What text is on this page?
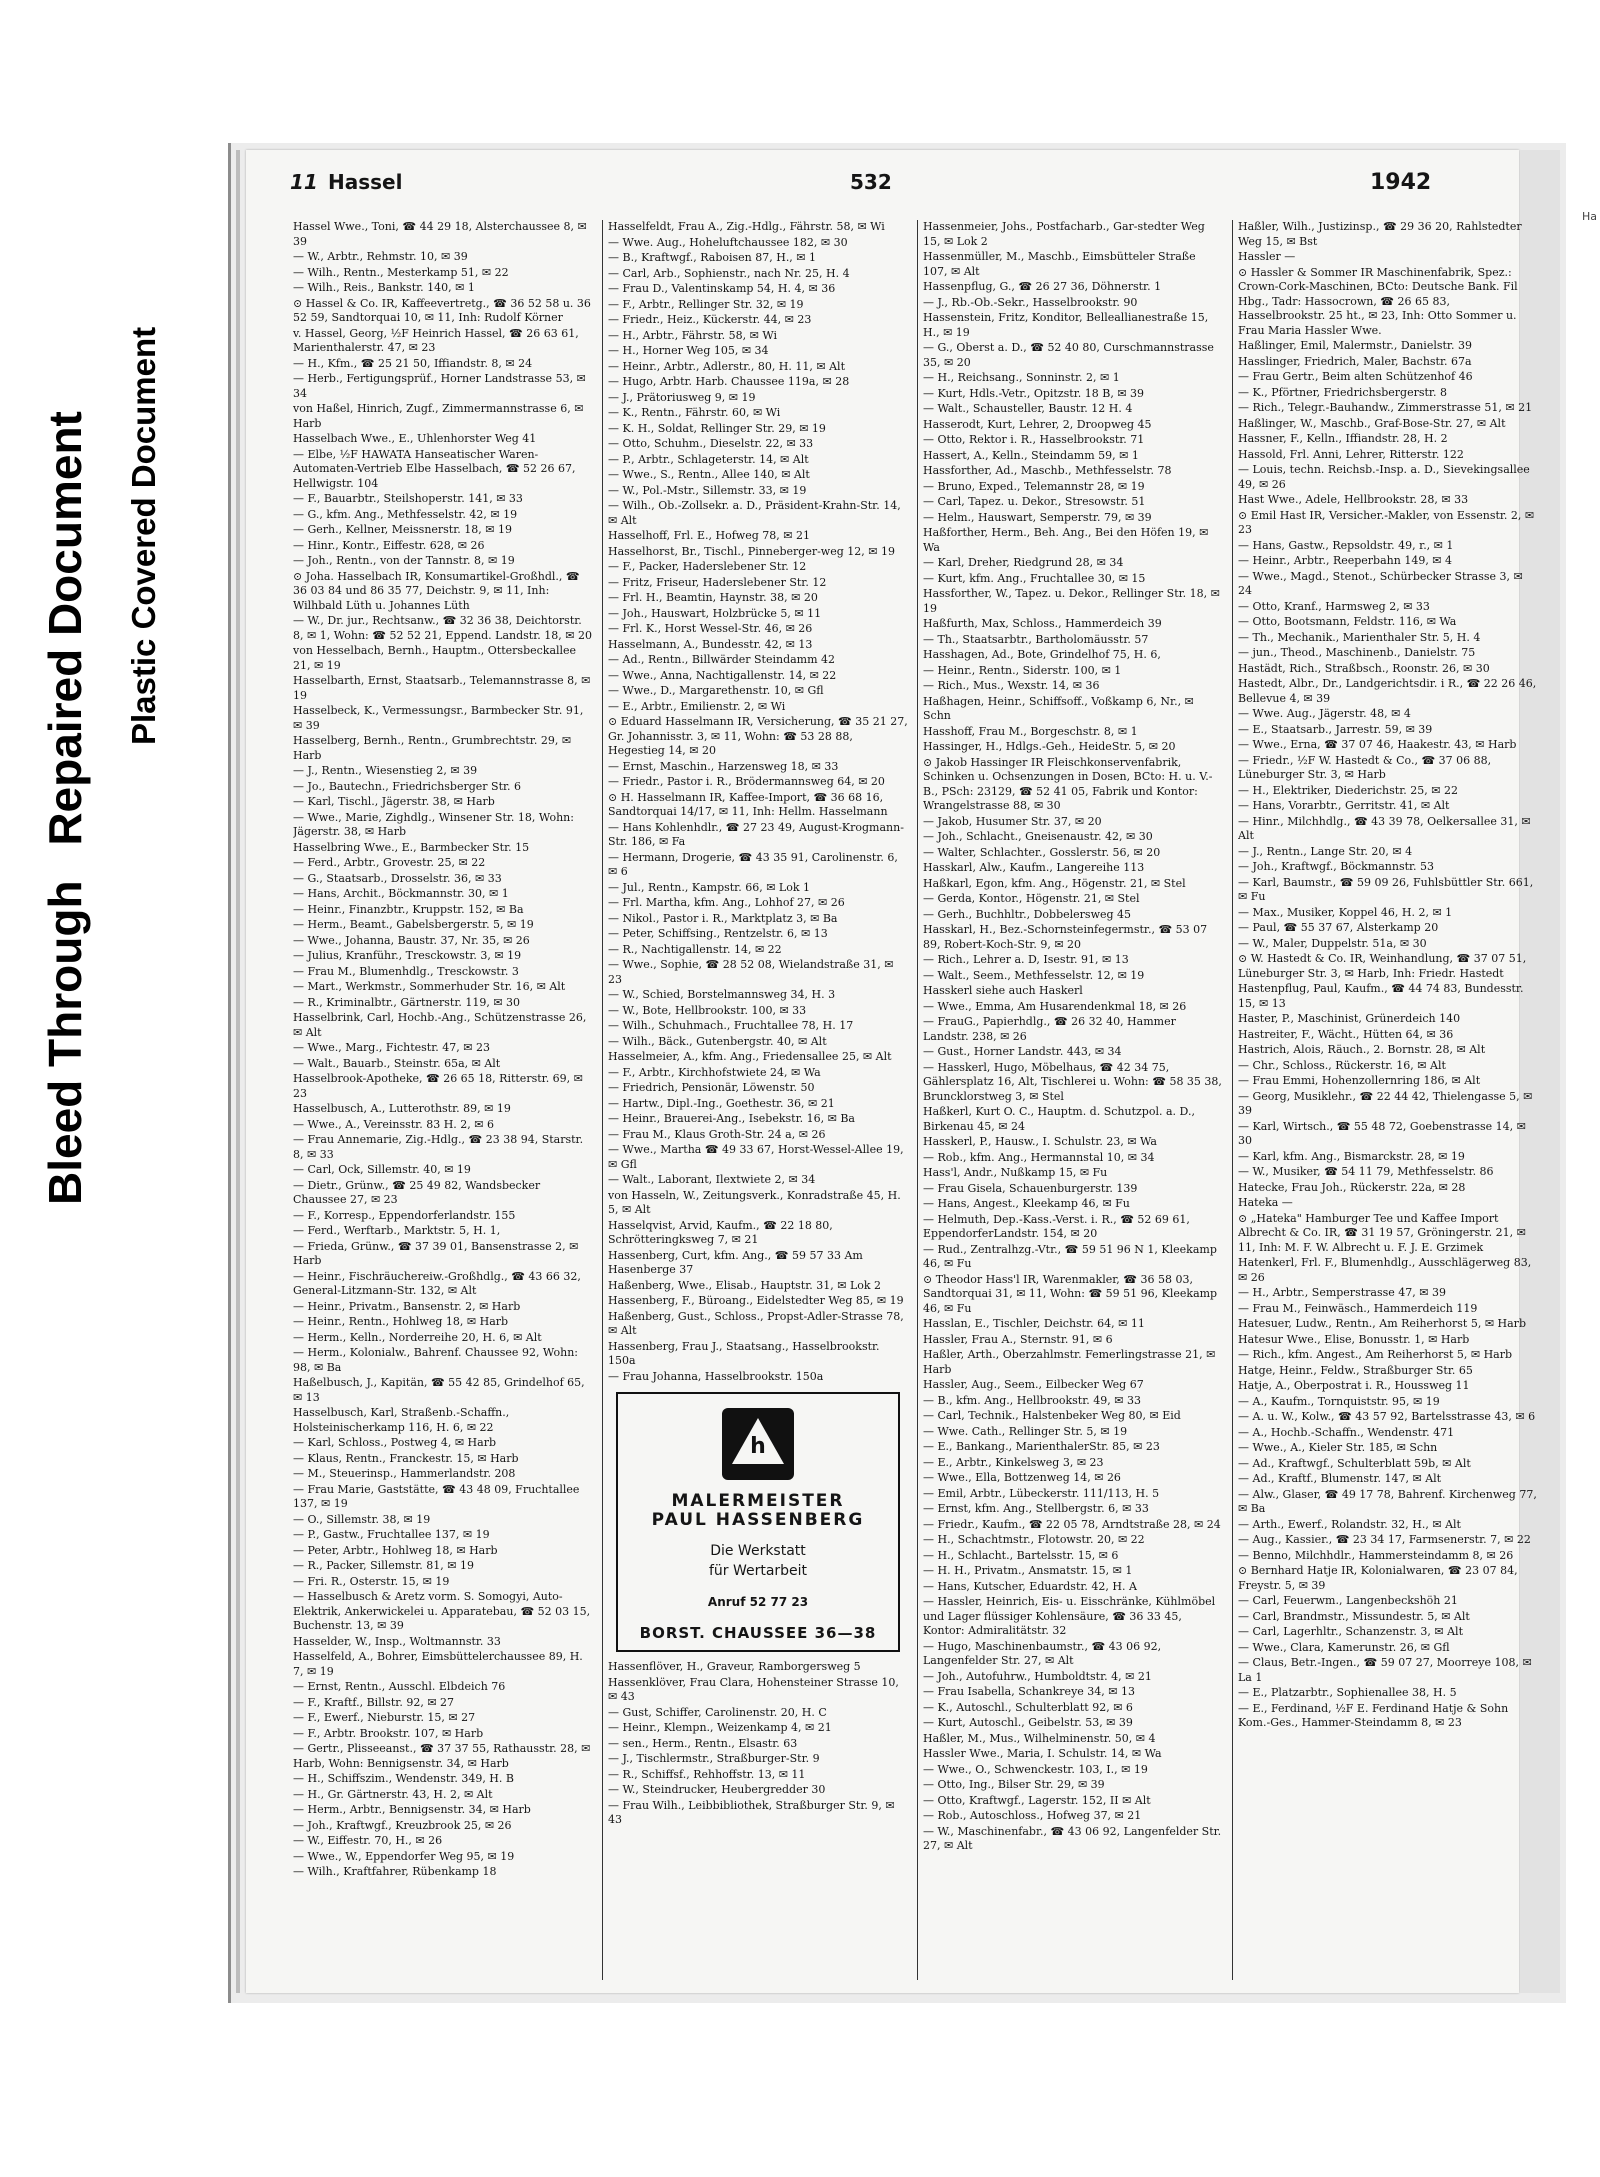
Bleed Through Repaired Document Plastic Covered Document
Ha
11 Hassel	532	1942
Hassel Wwe., Toni, ☎ 44 29 18, Alsterchaussee 8, ✉ 39
— W., Arbtr., Rehmstr. 10, ✉ 39
— Wilh., Rentn., Mesterkamp 51, ✉ 22
— Wilh., Reis., Bankstr. 140, ✉ 1
⊙ Hassel & Co. IR, Kaffeevertretg., ☎ 36 52 58 u. 36 52 59, Sandtorquai 10, ✉ 11, Inh: Rudolf Körner
v. Hassel, Georg, ½F Heinrich Hassel, ☎ 26 63 61, Marienthalerstr. 47, ✉ 23
— H., Kfm., ☎ 25 21 50, Iffiandstr. 8, ✉ 24
— Herb., Fertigungsprüf., Horner Landstrasse 53, ✉ 34
von Haßel, Hinrich, Zugf., Zimmermannstrasse 6, ✉ Harb
Hasselbach Wwe., E., Uhlenhorster Weg 41
— Elbe, ½F HAWATA Hanseatischer Waren-Automaten-Vertrieb Elbe Hasselbach, ☎ 52 26 67, Hellwigstr. 104
— F., Bauarbtr., Steilshoperstr. 141, ✉ 33
— G., kfm. Ang., Methfesselstr. 42, ✉ 19
— Gerh., Kellner, Meissnerstr. 18, ✉ 19
— Hinr., Kontr., Eiffestr. 628, ✉ 26
— Joh., Rentn., von der Tannstr. 8, ✉ 19
⊙ Joha. Hasselbach IR, Konsumartikel-Großhdl., ☎ 36 03 84 und 86 35 77, Deichstr. 9, ✉ 11, Inh: Wilhbald Lüth u. Johannes Lüth
— W., Dr. jur., Rechtsanw., ☎ 32 36 38, Deichtorstr. 8, ✉ 1, Wohn: ☎ 52 52 21, Eppend. Landstr. 18, ✉ 20
von Hesselbach, Bernh., Hauptm., Ottersbeckallee 21, ✉ 19
Hasselbarth, Ernst, Staatsarb., Telemannstrasse 8, ✉ 19
Hasselbeck, K., Vermessungsr., Barmbecker Str. 91, ✉ 39
Hasselberg, Bernh., Rentn., Grumbrechtstr. 29, ✉ Harb
— J., Rentn., Wiesenstieg 2, ✉ 39
— Jo., Bautechn., Friedrichsberger Str. 6
— Karl, Tischl., Jägerstr. 38, ✉ Harb
— Wwe., Marie, Zighdlg., Winsener Str. 18, Wohn: Jägerstr. 38, ✉ Harb
Hasselbring Wwe., E., Barmbecker Str. 15
— Ferd., Arbtr., Grovestr. 25, ✉ 22
— G., Staatsarb., Drosselstr. 36, ✉ 33
— Hans, Archit., Böckmannstr. 30, ✉ 1
— Heinr., Finanzbtr., Kruppstr. 152, ✉ Ba
— Herm., Beamt., Gabelsbergerstr. 5, ✉ 19
— Wwe., Johanna, Baustr. 37, Nr. 35, ✉ 26
— Julius, Kranführ., Tresckowstr. 3, ✉ 19
— Frau M., Blumenhdlg., Tresckowstr. 3
— Mart., Werkmstr., Sommerhuder Str. 16, ✉ Alt
— R., Kriminalbtr., Gärtnerstr. 119, ✉ 30
Hasselbrink, Carl, Hochb.-Ang., Schützenstrasse 26, ✉ Alt
— Wwe., Marg., Fichtestr. 47, ✉ 23
— Walt., Bauarb., Steinstr. 65a, ✉ Alt
Hasselbrook-Apotheke, ☎ 26 65 18, Ritterstr. 69, ✉ 23
Hasselbusch, A., Lutterothstr. 89, ✉ 19
— Wwe., A., Vereinsstr. 83 H. 2, ✉ 6
— Frau Annemarie, Zig.-Hdlg., ☎ 23 38 94, Starstr. 8, ✉ 33
— Carl, Ock, Sillemstr. 40, ✉ 19
— Dietr., Grünw., ☎ 25 49 82, Wandsbecker Chaussee 27, ✉ 23
— F., Korresp., Eppendorferlandstr. 155
— Ferd., Werftarb., Marktstr. 5, H. 1,
— Frieda, Grünw., ☎ 37 39 01, Bansenstrasse 2, ✉ Harb
— Heinr., Fischräuchereiw.-Großhdlg., ☎ 43 66 32, General-Litzmann-Str. 132, ✉ Alt
— Heinr., Privatm., Bansenstr. 2, ✉ Harb
— Heinr., Rentn., Hohlweg 18, ✉ Harb
— Herm., Kelln., Norderreihe 20, H. 6, ✉ Alt
— Herm., Kolonialw., Bahrenf. Chaussee 92, Wohn: 98, ✉ Ba
Haßelbusch, J., Kapitän, ☎ 55 42 85, Grindelhof 65, ✉ 13
Hasselbusch, Karl, Straßenb.-Schaffn., Holsteinischerkamp 116, H. 6, ✉ 22
— Karl, Schloss., Postweg 4, ✉ Harb
— Klaus, Rentn., Franckestr. 15, ✉ Harb
— M., Steuerinsp., Hammerlandstr. 208
— Frau Marie, Gaststätte, ☎ 43 48 09, Fruchtallee 137, ✉ 19
— O., Sillemstr. 38, ✉ 19
— P., Gastw., Fruchtallee 137, ✉ 19
— Peter, Arbtr., Hohlweg 18, ✉ Harb
— R., Packer, Sillemstr. 81, ✉ 19
— Fri. R., Osterstr. 15, ✉ 19
— Hasselbusch & Aretz vorm. S. Somogyi, Auto-Elektrik, Ankerwickelei u. Apparatebau, ☎ 52 03 15, Buchenstr. 13, ✉ 39
Hasselder, W., Insp., Woltmannstr. 33
Hasselfeld, A., Bohrer, Eimsbüttelerchaussee 89, H. 7, ✉ 19
— Ernst, Rentn., Ausschl. Elbdeich 76
— F., Kraftf., Billstr. 92, ✉ 27
— F., Ewerf., Nieburstr. 15, ✉ 27
— F., Arbtr. Brookstr. 107, ✉ Harb
— Gertr., Plisseeanst., ☎ 37 37 55, Rathausstr. 28, ✉ Harb, Wohn: Bennigsenstr. 34, ✉ Harb
— H., Schiffszim., Wendenstr. 349, H. B
— H., Gr. Gärtnerstr. 43, H. 2, ✉ Alt
— Herm., Arbtr., Bennigsenstr. 34, ✉ Harb
— Joh., Kraftwgf., Kreuzbrook 25, ✉ 26
— W., Eiffestr. 70, H., ✉ 26
— Wwe., W., Eppendorfer Weg 95, ✉ 19
— Wilh., Kraftfahrer, Rübenkamp 18
Hasselfeldt, Frau A., Zig.-Hdlg., Fährstr. 58, ✉ Wi
— Wwe. Aug., Hoheluftchaussee 182, ✉ 30
— B., Kraftwgf., Raboisen 87, H., ✉ 1
— Carl, Arb., Sophienstr., nach Nr. 25, H. 4
— Frau D., Valentinskamp 54, H. 4, ✉ 36
— F., Arbtr., Rellinger Str. 32, ✉ 19
— Friedr., Heiz., Kückerstr. 44, ✉ 23
— H., Arbtr., Fährstr. 58, ✉ Wi
— H., Horner Weg 105, ✉ 34
— Heinr., Arbtr., Adlerstr., 80, H. 11, ✉ Alt
— Hugo, Arbtr. Harb. Chaussee 119a, ✉ 28
— J., Prätoriusweg 9, ✉ 19
— K., Rentn., Fährstr. 60, ✉ Wi
— K. H., Soldat, Rellinger Str. 29, ✉ 19
— Otto, Schuhm., Dieselstr. 22, ✉ 33
— P., Arbtr., Schlageterstr. 14, ✉ Alt
— Wwe., S., Rentn., Allee 140, ✉ Alt
— W., Pol.-Mstr., Sillemstr. 33, ✉ 19
— Wilh., Ob.-Zollsekr. a. D., Präsident-Krahn-Str. 14, ✉ Alt
Hasselhoff, Frl. E., Hofweg 78, ✉ 21
Hasselhorst, Br., Tischl., Pinneberger-weg 12, ✉ 19
— F., Packer, Haderslebener Str. 12
— Fritz, Friseur, Haderslebener Str. 12
— Frl. H., Beamtin, Haynstr. 38, ✉ 20
— Joh., Hauswart, Holzbrücke 5, ✉ 11
— Frl. K., Horst Wessel-Str. 46, ✉ 26
Hasselmann, A., Bundesstr. 42, ✉ 13
— Ad., Rentn., Billwärder Steindamm 42
— Wwe., Anna, Nachtigallenstr. 14, ✉ 22
— Wwe., D., Margarethenstr. 10, ✉ Gfl
— E., Arbtr., Emilienstr. 2, ✉ Wi
⊙ Eduard Hasselmann IR, Versicherung, ☎ 35 21 27, Gr. Johannisstr. 3, ✉ 11, Wohn: ☎ 53 28 88, Hegestieg 14, ✉ 20
— Ernst, Maschin., Harzensweg 18, ✉ 33
— Friedr., Pastor i. R., Brödermannsweg 64, ✉ 20
⊙ H. Hasselmann IR, Kaffee-Import, ☎ 36 68 16, Sandtorquai 14/17, ✉ 11, Inh: Hellm. Hasselmann
— Hans Kohlenhdlr., ☎ 27 23 49, August-Krogmann-Str. 186, ✉ Fa
— Hermann, Drogerie, ☎ 43 35 91, Carolinenstr. 6, ✉ 6
— Jul., Rentn., Kampstr. 66, ✉ Lok 1
— Frl. Martha, kfm. Ang., Lohhof 27, ✉ 26
— Nikol., Pastor i. R., Marktplatz 3, ✉ Ba
— Peter, Schiffsing., Rentzelstr. 6, ✉ 13
— R., Nachtigallenstr. 14, ✉ 22
— Wwe., Sophie, ☎ 28 52 08, Wielandstraße 31, ✉ 23
— W., Schied, Borstelmannsweg 34, H. 3
— W., Bote, Hellbrookstr. 100, ✉ 33
— Wilh., Schuhmach., Fruchtallee 78, H. 17
— Wilh., Bäck., Gutenbergstr. 40, ✉ Alt
Hasselmeier, A., kfm. Ang., Friedensallee 25, ✉ Alt
— F., Arbtr., Kirchhofstwiete 24, ✉ Wa
— Friedrich, Pensionär, Löwenstr. 50
— Hartw., Dipl.-Ing., Goethestr. 36, ✉ 21
— Heinr., Brauerei-Ang., Isebekstr. 16, ✉ Ba
— Frau M., Klaus Groth-Str. 24 a, ✉ 26
— Wwe., Martha ☎ 49 33 67, Horst-Wessel-Allee 19, ✉ Gfl
— Walt., Laborant, Ilextwiete 2, ✉ 34
von Hasseln, W., Zeitungsverk., Konradstraße 45, H. 5, ✉ Alt
Hasselqvist, Arvid, Kaufm., ☎ 22 18 80, Schrötteringksweg 7, ✉ 21
Hassenberg, Curt, kfm. Ang., ☎ 59 57 33 Am Hasenberge 37
Haßenberg, Wwe., Elisab., Hauptstr. 31, ✉ Lok 2
Hassenberg, F., Büroang., Eidelstedter Weg 85, ✉ 19
Haßenberg, Gust., Schloss., Propst-Adler-Strasse 78, ✉ Alt
Hassenberg, Frau J., Staatsang., Hasselbrookstr. 150a
— Frau Johanna, Hasselbrookstr. 150a
h
MALERMEISTER
PAUL HASSENBERG
Die Werkstatt
für Wertarbeit
Anruf 52 77 23
BORST. CHAUSSEE 36—38
Hassenflöver, H., Graveur, Ramborgersweg 5
Hassenklöver, Frau Clara, Hohensteiner Strasse 10, ✉ 43
— Gust, Schiffer, Carolinenstr. 20, H. C
— Heinr., Klempn., Weizenkamp 4, ✉ 21
— sen., Herm., Rentn., Elsastr. 63
— J., Tischlermstr., Straßburger-Str. 9
— R., Schiffsf., Rehhoffstr. 13, ✉ 11
— W., Steindrucker, Heubergredder 30
— Frau Wilh., Leibbibliothek, Straßburger Str. 9, ✉ 43
Hassenmeier, Johs., Postfacharb., Gar-stedter Weg 15, ✉ Lok 2
Hassenmüller, M., Maschb., Eimsbütteler Straße 107, ✉ Alt
Hassenpflug, G., ☎ 26 27 36, Döhnerstr. 1
— J., Rb.-Ob.-Sekr., Hasselbrookstr. 90
Hassenstein, Fritz, Konditor, Belleallianestraße 15, H., ✉ 19
— G., Oberst a. D., ☎ 52 40 80, Curschmannstrasse 35, ✉ 20
— H., Reichsang., Sonninstr. 2, ✉ 1
— Kurt, Hdls.-Vetr., Opitzstr. 18 B, ✉ 39
— Walt., Schausteller, Baustr. 12 H. 4
Hasserodt, Kurt, Lehrer, 2, Droopweg 45
— Otto, Rektor i. R., Hasselbrookstr. 71
Hassert, A., Kelln., Steindamm 59, ✉ 1
Hassforther, Ad., Maschb., Methfesselstr. 78
— Bruno, Exped., Telemannstr 28, ✉ 19
— Carl, Tapez. u. Dekor., Stresowstr. 51
— Helm., Hauswart, Semperstr. 79, ✉ 39
Haßforther, Herm., Beh. Ang., Bei den Höfen 19, ✉ Wa
— Karl, Dreher, Riedgrund 28, ✉ 34
— Kurt, kfm. Ang., Fruchtallee 30, ✉ 15
Hassforther, W., Tapez. u. Dekor., Rellinger Str. 18, ✉ 19
Haßfurth, Max, Schloss., Hammerdeich 39
— Th., Staatsarbtr., Bartholomäusstr. 57
Hasshagen, Ad., Bote, Grindelhof 75, H. 6,
— Heinr., Rentn., Siderstr. 100, ✉ 1
— Rich., Mus., Wexstr. 14, ✉ 36
Haßhagen, Heinr., Schiffsoff., Voßkamp 6, Nr., ✉ Schn
Hasshoff, Frau M., Borgeschstr. 8, ✉ 1
Hassinger, H., Hdlgs.-Geh., HeideStr. 5, ✉ 20
⊙ Jakob Hassinger IR Fleischkonservenfabrik, Schinken u. Ochsenzungen in Dosen, BCto: H. u. V.-B., PSch: 23129, ☎ 52 41 05, Fabrik und Kontor: Wrangelstrasse 88, ✉ 30
— Jakob, Husumer Str. 37, ✉ 20
— Joh., Schlacht., Gneisenaustr. 42, ✉ 30
— Walter, Schlachter., Gosslerstr. 56, ✉ 20
Hasskarl, Alw., Kaufm., Langereihe 113
Haßkarl, Egon, kfm. Ang., Högenstr. 21, ✉ Stel
— Gerda, Kontor., Högenstr. 21, ✉ Stel
— Gerh., Buchhltr., Dobbelersweg 45
Hasskarl, H., Bez.-Schornsteinfegermstr., ☎ 53 07 89, Robert-Koch-Str. 9, ✉ 20
— Rich., Lehrer a. D, Isestr. 91, ✉ 13
— Walt., Seem., Methfesselstr. 12, ✉ 19
Hasskerl siehe auch Haskerl
— Wwe., Emma, Am Husarendenkmal 18, ✉ 26
— FrauG., Papierhdlg., ☎ 26 32 40, Hammer Landstr. 238, ✉ 26
— Gust., Horner Landstr. 443, ✉ 34
— Hasskerl, Hugo, Möbelhaus, ☎ 42 34 75, Gählersplatz 16, Alt, Tischlerei u. Wohn: ☎ 58 35 38, Bruncklorstweg 3, ✉ Stel
Haßkerl, Kurt O. C., Hauptm. d. Schutzpol. a. D., Birkenau 45, ✉ 24
Hasskerl, P., Hausw., I. Schulstr. 23, ✉ Wa
— Rob., kfm. Ang., Hermannstal 10, ✉ 34
Hass'l, Andr., Nußkamp 15, ✉ Fu
— Frau Gisela, Schauenburgerstr. 139
— Hans, Angest., Kleekamp 46, ✉ Fu
— Helmuth, Dep.-Kass.-Verst. i. R., ☎ 52 69 61, EppendorferLandstr. 154, ✉ 20
— Rud., Zentralhzg.-Vtr., ☎ 59 51 96 N 1, Kleekamp 46, ✉ Fu
⊙ Theodor Hass'l IR, Warenmakler, ☎ 36 58 03, Sandtorquai 31, ✉ 11, Wohn: ☎ 59 51 96, Kleekamp 46, ✉ Fu
Hasslan, E., Tischler, Deichstr. 64, ✉ 11
Hassler, Frau A., Sternstr. 91, ✉ 6
Haßler, Arth., Oberzahlmstr. Femerlingstrasse 21, ✉ Harb
Hassler, Aug., Seem., Eilbecker Weg 67
— B., kfm. Ang., Hellbrookstr. 49, ✉ 33
— Carl, Technik., Halstenbeker Weg 80, ✉ Eid
— Wwe. Cath., Rellinger Str. 5, ✉ 19
— E., Bankang., MarienthalerStr. 85, ✉ 23
— E., Arbtr., Kinkelsweg 3, ✉ 23
— Wwe., Ella, Bottzenweg 14, ✉ 26
— Emil, Arbtr., Lübeckerstr. 111/113, H. 5
— Ernst, kfm. Ang., Stellbergstr. 6, ✉ 33
— Friedr., Kaufm., ☎ 22 05 78, Arndtstraße 28, ✉ 24
— H., Schachtmstr., Flotowstr. 20, ✉ 22
— H., Schlacht., Bartelsstr. 15, ✉ 6
— H. H., Privatm., Ansmatstr. 15, ✉ 1
— Hans, Kutscher, Eduardstr. 42, H. A
— Hassler, Heinrich, Eis- u. Eisschränke, Kühlmöbel und Lager flüssiger Kohlensäure, ☎ 36 33 45, Kontor: Admiralitätstr. 32
— Hugo, Maschinenbaumstr., ☎ 43 06 92, Langenfelder Str. 27, ✉ Alt
— Joh., Autofuhrw., Humboldtstr. 4, ✉ 21
— Frau Isabella, Schankreye 34, ✉ 13
— K., Autoschl., Schulterblatt 92, ✉ 6
— Kurt, Autoschl., Geibelstr. 53, ✉ 39
Haßler, M., Mus., Wilhelminenstr. 50, ✉ 4
Hassler Wwe., Maria, I. Schulstr. 14, ✉ Wa
— Wwe., O., Schwenckestr. 103, I., ✉ 19
— Otto, Ing., Bilser Str. 29, ✉ 39
— Otto, Kraftwgf., Lagerstr. 152, II ✉ Alt
— Rob., Autoschloss., Hofweg 37, ✉ 21
— W., Maschinenfabr., ☎ 43 06 92, Langenfelder Str. 27, ✉ Alt
Haßler, Wilh., Justizinsp., ☎ 29 36 20, Rahlstedter Weg 15, ✉ Bst
Hassler —
⊙ Hassler & Sommer IR Maschinenfabrik, Spez.: Crown-Cork-Maschinen, BCto: Deutsche Bank. Fil Hbg., Tadr: Hassocrown, ☎ 26 65 83, Hasselbrookstr. 25 ht., ✉ 23, Inh: Otto Sommer u. Frau Maria Hassler Wwe.
Haßlinger, Emil, Malermstr., Danielstr. 39
Hasslinger, Friedrich, Maler, Bachstr. 67a
— Frau Gertr., Beim alten Schützenhof 46
— K., Pförtner, Friedrichsbergerstr. 8
— Rich., Telegr.-Bauhandw., Zimmerstrasse 51, ✉ 21
Haßlinger, W., Maschb., Graf-Bose-Str. 27, ✉ Alt
Hassner, F., Kelln., Iffiandstr. 28, H. 2
Hassold, Frl. Anni, Lehrer, Ritterstr. 122
— Louis, techn. Reichsb.-Insp. a. D., Sievekingsallee 49, ✉ 26
Hast Wwe., Adele, Hellbrookstr. 28, ✉ 33
⊙ Emil Hast IR, Versicher.-Makler, von Essenstr. 2, ✉ 23
— Hans, Gastw., Repsoldstr. 49, r., ✉ 1
— Heinr., Arbtr., Reeperbahn 149, ✉ 4
— Wwe., Magd., Stenot., Schürbecker Strasse 3, ✉ 24
— Otto, Kranf., Harmsweg 2, ✉ 33
— Otto, Bootsmann, Feldstr. 116, ✉ Wa
— Th., Mechanik., Marienthaler Str. 5, H. 4
— jun., Theod., Maschinenb., Danielstr. 75
Hastädt, Rich., Straßbsch., Roonstr. 26, ✉ 30
Hastedt, Albr., Dr., Landgerichtsdir. i R., ☎ 22 26 46, Bellevue 4, ✉ 39
— Wwe. Aug., Jägerstr. 48, ✉ 4
— E., Staatsarb., Jarrestr. 59, ✉ 39
— Wwe., Erna, ☎ 37 07 46, Haakestr. 43, ✉ Harb
— Friedr., ½F W. Hastedt & Co., ☎ 37 06 88, Lüneburger Str. 3, ✉ Harb
— H., Elektriker, Diederichstr. 25, ✉ 22
— Hans, Vorarbtr., Gerritstr. 41, ✉ Alt
— Hinr., Milchhdlg., ☎ 43 39 78, Oelkersallee 31, ✉ Alt
— J., Rentn., Lange Str. 20, ✉ 4
— Joh., Kraftwgf., Böckmannstr. 53
— Karl, Baumstr., ☎ 59 09 26, Fuhlsbüttler Str. 661, ✉ Fu
— Max., Musiker, Koppel 46, H. 2, ✉ 1
— Paul, ☎ 55 37 67, Alsterkamp 20
— W., Maler, Duppelstr. 51a, ✉ 30
⊙ W. Hastedt & Co. IR, Weinhandlung, ☎ 37 07 51, Lüneburger Str. 3, ✉ Harb, Inh: Friedr. Hastedt
Hastenpflug, Paul, Kaufm., ☎ 44 74 83, Bundesstr. 15, ✉ 13
Haster, P., Maschinist, Grünerdeich 140
Hastreiter, F., Wächt., Hütten 64, ✉ 36
Hastrich, Alois, Räuch., 2. Bornstr. 28, ✉ Alt
— Chr., Schloss., Rückerstr. 16, ✉ Alt
— Frau Emmi, Hohenzollernring 186, ✉ Alt
— Georg, Musiklehr., ☎ 22 44 42, Thielengasse 5, ✉ 39
— Karl, Wirtsch., ☎ 55 48 72, Goebenstrasse 14, ✉ 30
— Karl, kfm. Ang., Bismarckstr. 28, ✉ 19
— W., Musiker, ☎ 54 11 79, Methfesselstr. 86
Hatecke, Frau Joh., Rückerstr. 22a, ✉ 28
Hateka —
⊙ „Hateka" Hamburger Tee und Kaffee Import Albrecht & Co. IR, ☎ 31 19 57, Gröningerstr. 21, ✉ 11, Inh: M. F. W. Albrecht u. F. J. E. Grzimek
Hatenkerl, Frl. F., Blumenhdlg., Ausschlägerweg 83, ✉ 26
— H., Arbtr., Semperstrasse 47, ✉ 39
— Frau M., Feinwäsch., Hammerdeich 119
Hatesuer, Ludw., Rentn., Am Reiherhorst 5, ✉ Harb
Hatesur Wwe., Elise, Bonusstr. 1, ✉ Harb
— Rich., kfm. Angest., Am Reiherhorst 5, ✉ Harb
Hatge, Heinr., Feldw., Straßburger Str. 65
Hatje, A., Oberpostrat i. R., Houssweg 11
— A., Kaufm., Tornquiststr. 95, ✉ 19
— A. u. W., Kolw., ☎ 43 57 92, Bartelsstrasse 43, ✉ 6
— A., Hochb.-Schaffn., Wendenstr. 471
— Wwe., A., Kieler Str. 185, ✉ Schn
— Ad., Kraftwgf., Schulterblatt 59b, ✉ Alt
— Ad., Kraftf., Blumenstr. 147, ✉ Alt
— Alw., Glaser, ☎ 49 17 78, Bahrenf. Kirchenweg 77, ✉ Ba
— Arth., Ewerf., Rolandstr. 32, H., ✉ Alt
— Aug., Kassier., ☎ 23 34 17, Farmsenerstr. 7, ✉ 22
— Benno, Milchhdlr., Hammersteindamm 8, ✉ 26
⊙ Bernhard Hatje IR, Kolonialwaren, ☎ 23 07 84, Freystr. 5, ✉ 39
— Carl, Feuerwm., Langenbeckshöh 21
— Carl, Brandmstr., Missundestr. 5, ✉ Alt
— Carl, Lagerhltr., Schanzenstr. 3, ✉ Alt
— Wwe., Clara, Kamerunstr. 26, ✉ Gfl
— Claus, Betr.-Ingen., ☎ 59 07 27, Moorreye 108, ✉ La 1
— E., Platzarbtr., Sophienallee 38, H. 5
— E., Ferdinand, ½F E. Ferdinand Hatje & Sohn Kom.-Ges., Hammer-Steindamm 8, ✉ 23
